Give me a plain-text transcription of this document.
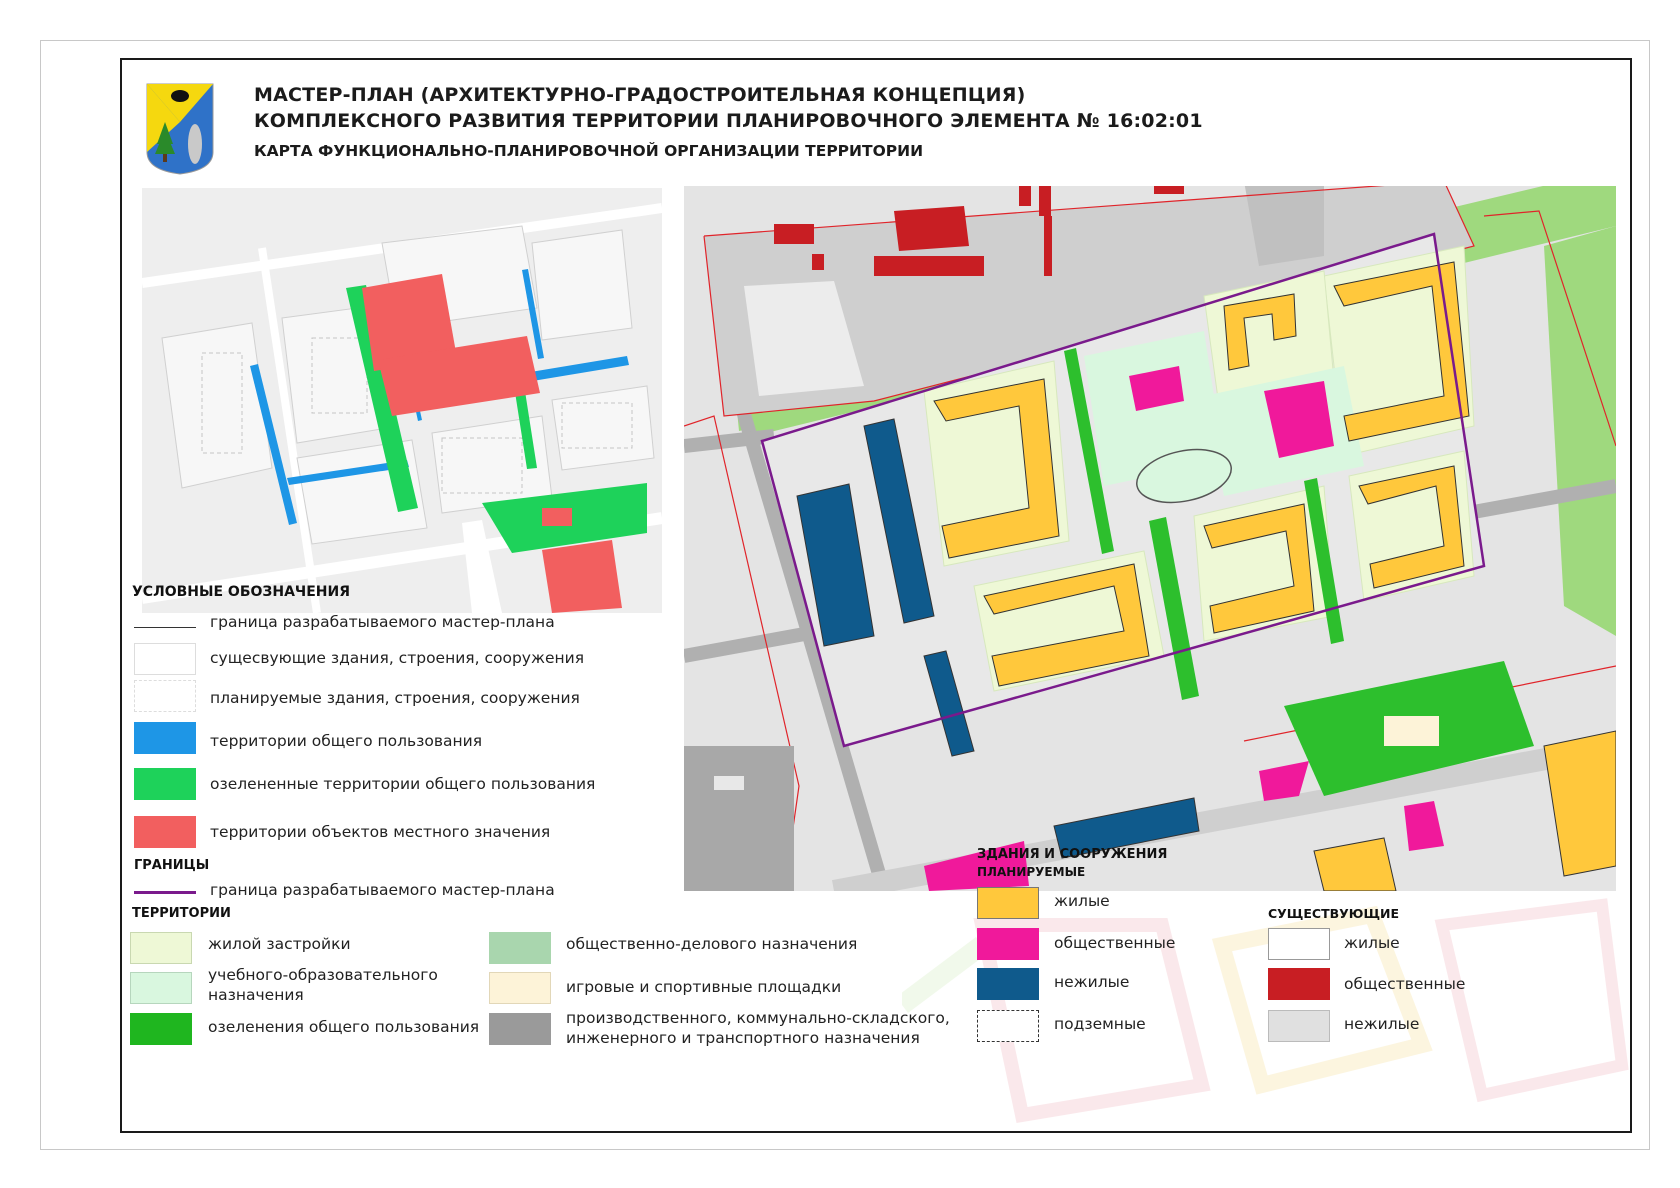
МАСТЕР-ПЛАН (АРХИТЕКТУРНО-ГРАДОСТРОИТЕЛЬНАЯ КОНЦЕПЦИЯ)
КОМПЛЕКСНОГО РАЗВИТИЯ ТЕРРИТОРИИ ПЛАНИРОВОЧНОГО ЭЛЕМЕНТА № 16:02:01
КАРТА ФУНКЦИОНАЛЬНО-ПЛАНИРОВОЧНОЙ ОРГАНИЗАЦИИ ТЕРРИТОРИИ
УСЛОВНЫЕ ОБОЗНАЧЕНИЯ
граница разрабатываемого мастер-плана
сущесвующие здания, строения, сооружения
планируемые здания, строения, сооружения
территории общего пользования
озелененные территории общего пользования
территории объектов местного значения
ГРАНИЦЫ
граница разрабатываемого мастер-плана
ТЕРРИТОРИИ
жилой застройки
учебного-образовательного
назначения
озеленения общего пользования
общественно-делового назначения
игровые и спортивные площадки
производственного, коммунально-складского,
инженерного и транспортного назначения
ЗДАНИЯ И СООРУЖЕНИЯ
ПЛАНИРУЕМЫЕ
жилые
общественные
нежилые
подземные
СУЩЕСТВУЮЩИЕ
жилые
общественные
нежилые
